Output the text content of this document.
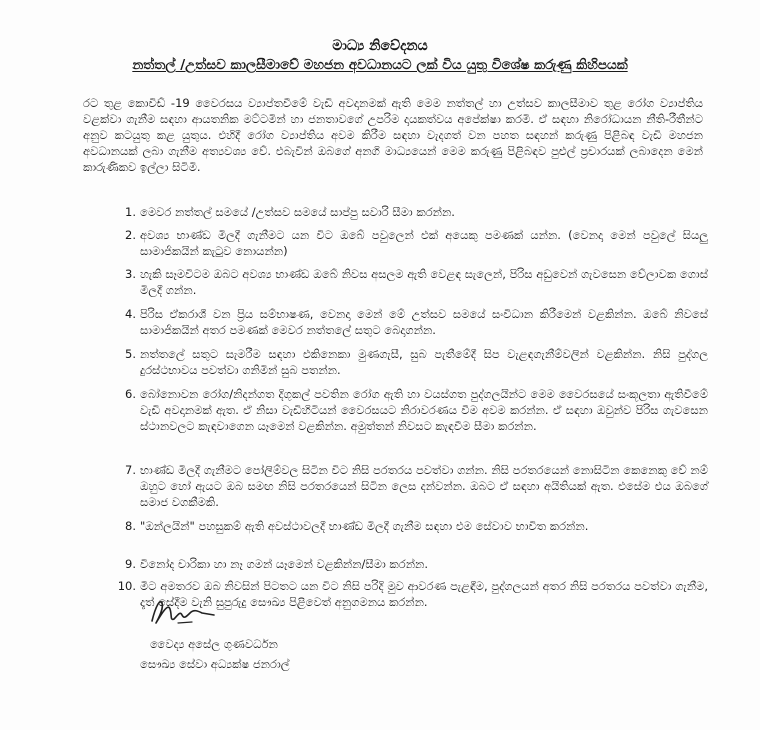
මාධ්‍ය නිවේදනය
නත්තල් /උත්සව කාලසීමාවේ මහජන අවධානයට ලක් විය යුතු විශේෂ කරුණු කිහිපයක්
රට තුළ කොවිඩ් -19 වෛරසය ව්‍යාප්තවීමේ වැඩි අවදානමක් ඇති මෙම නත්තල් හා උත්සව කාලසීමාව තුළ රෝග ව්‍යාප්තිය වළක්වා ගැනීම සඳහා ආයතනික මට්ටමින් හා ජනතාවගේ උපරිම දායකත්වය අපේක්ෂා කරමි. ඒ සඳහා නිරෝධායන නීති-රීතීන්ට අනුව කටයුතු කළ යුතුය. එහිදී රෝග ව්‍යාප්තිය අවම කිරීම සඳහා වැදගත් වන පහත සඳහන් කරුණු පිළිබඳ වැඩි මහජන අවධානයක් ලබා ගැනීම අත්‍යවශ්‍ය වේ. එබැවින් ඔබගේ අනගි මාධ්‍යයෙන් මෙම කරුණු පිළිබඳව පුළුල් ප්‍රචාරයක් ලබාදෙන මෙන් කාරුණිකව ඉල්ලා සිටිමි.
1. මෙවර නත්තල් සමයේ /උත්සව සමයේ සාප්පු සවාරි සීමා කරන්න.
2. අවශ්‍ය භාණ්ඩ මිලදී ගැනීමට යන විට ඔබේ පවුලෙන් එක් අයෙකු පමණක් යන්න. (වෙනදා මෙන් පවුලේ සියලු සාමාජිකයින් කැටුව නොයන්න)
3. හැකි සෑමවිටම ඔබට අවශ්‍ය භාණ්ඩ ඔබේ නිවස අසලම ඇති වෙළඳ සැලෙන්, පිරිස අඩුවෙන් ගැවසෙන වේලාවක ගොස් මිලදී ගන්න.
4. පිරිස ඒකරාශී වන ප්‍රිය සම්භාෂණ, වෙනදා මෙන් මේ උත්සව සමයේ සංවිධාන කිරීමෙන් වළකින්න. ඔබේ නිවසේ සාමාජිකයින් අතර පමණක් මෙවර නත්තලේ සතුට බෙදාගන්න.
5. නත්තලේ සතුට සැමරීම සඳහා එකිනෙකා මුණගැසී, සුබ පැතීමේදී සිප වැළඳගැනීම්වලින් වළකින්න. නිසි පුද්ගල දුරස්ථභාවය පවත්වා ගනිමින් සුබ පතන්න.
6. බෝනොවන රෝග/නිදන්ගත දිගුකල් පවතින රෝග ඇති හා වයස්ගත පුද්ගලයින්ට මෙම වෛරසයේ සංකූලතා ඇතිවීමේ වැඩි අවදානමක් ඇත. ඒ නිසා වැඩිහිටියන් වෛරසයට නිරාවරණය වීම අවම කරන්න. ඒ සඳහා ඔවුන්ව පිරිස ගැවසෙන ස්ථානවලට කැඳවාගෙන යෑමෙන් වළකින්න. අමුත්තන් නිවසට කැඳවීම සීමා කරන්න.
7. භාණ්ඩ මිලදී ගැනීමට පෝලිම්වල සිටින විට නිසි පරතරය පවත්වා ගන්න. නිසි පරතරයෙන් නොසිටින කෙනෙකු වේ නම් ඔහුට හෝ ඇයට ඔබ සමඟ නිසි පරතරයෙන් සිටින ලෙස දන්වන්න. ඔබට ඒ සඳහා අයිතියක් ඇත. එසේම එය ඔබගේ සමාජ වගකීමකි.
8. "ඔන්ලයින්" පහසුකම් ඇති අවස්ථාවලදී භාණ්ඩ මිලදී ගැනීම සඳහා එම සේවාව භාවිත කරන්න.
9. විනෝද චාරිකා හා නෑ ගමන් යෑමෙන් වළකින්න/සීමා කරන්න.
10. මීට අමතරව ඔබ නිවසින් පිටතට යන විට නිසි පරිදි මුව ආවරණ පැළඳීම, පුද්ගලයන් අතර නිසි පරතරය පවත්වා ගැනීම, දෑත් සේදීම වැනි සුපුරුදු සෞඛ්‍ය පිළිවෙත් අනුගමනය කරන්න.
වෛද්‍ය අසේල ගුණවර්ධන
සෞඛ්‍ය සේවා අධ්‍යක්ෂ ජනරාල්
